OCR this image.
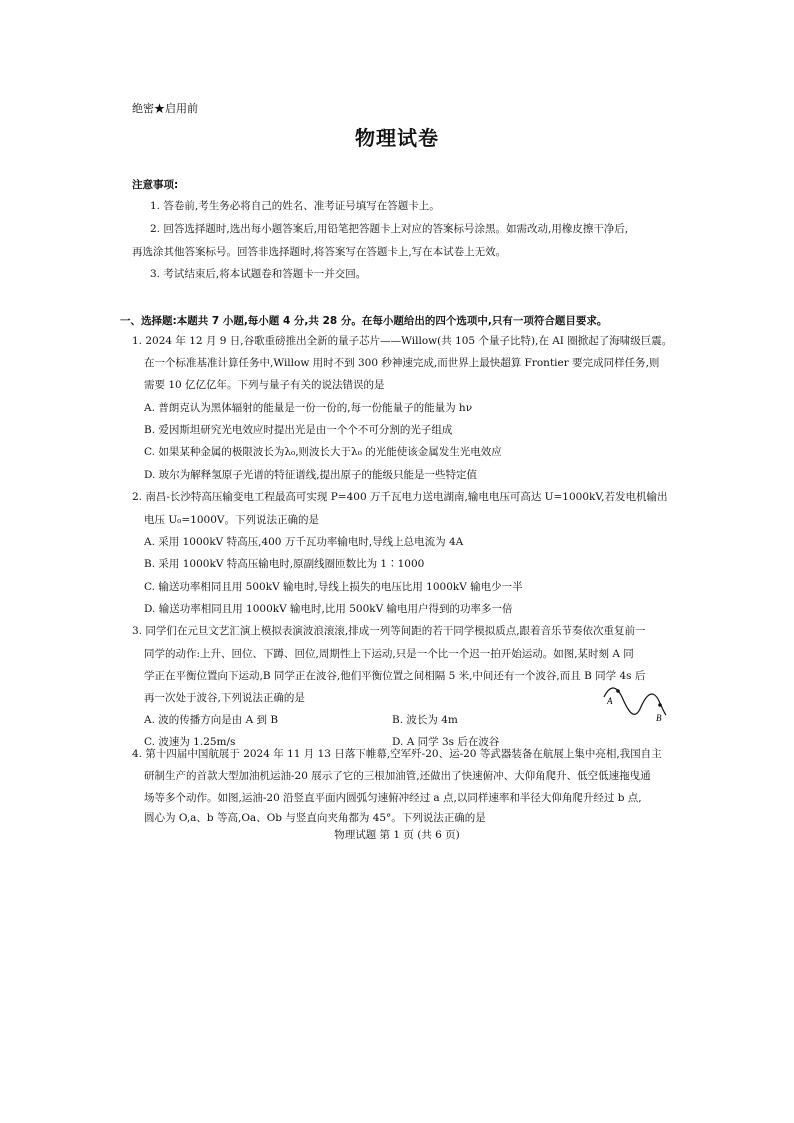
绝密★启用前
物理试卷
注意事项:
1. 答卷前,考生务必将自己的姓名、准考证号填写在答题卡上。
2. 回答选择题时,选出每小题答案后,用铅笔把答题卡上对应的答案标号涂黑。如需改动,用橡皮擦干净后,
再选涂其他答案标号。回答非选择题时,将答案写在答题卡上,写在本试卷上无效。
3. 考试结束后,将本试题卷和答题卡一并交回。
一、选择题:本题共 7 小题,每小题 4 分,共 28 分。在每小题给出的四个选项中,只有一项符合题目要求。
1. 2024 年 12 月 9 日,谷歌重磅推出全新的量子芯片——Willow(共 105 个量子比特),在 AI 圈掀起了海啸级巨震。
在一个标准基准计算任务中,Willow 用时不到 300 秒神速完成,而世界上最快超算 Frontier 要完成同样任务,则
需要 10 亿亿亿年。下列与量子有关的说法错误的是
A. 普朗克认为黑体辐射的能量是一份一份的,每一份能量子的能量为 hν
B. 爱因斯坦研究光电效应时提出光是由一个个不可分割的光子组成
C. 如果某种金属的极限波长为λ₀,则波长大于λ₀ 的光能使该金属发生光电效应
D. 玻尔为解释氢原子光谱的特征谱线,提出原子的能级只能是一些特定值
2. 南昌-长沙特高压输变电工程最高可实现 P=400 万千瓦电力送电湖南,输电电压可高达 U=1000kV,若发电机输出
电压 U₀=1000V。下列说法正确的是
A. 采用 1000kV 特高压,400 万千瓦功率输电时,导线上总电流为 4A
B. 采用 1000kV 特高压输电时,原副线圈匝数比为 1∶1000
C. 输送功率相同且用 500kV 输电时,导线上损失的电压比用 1000kV 输电少一半
D. 输送功率相同且用 1000kV 输电时,比用 500kV 输电用户得到的功率多一倍
3. 同学们在元旦文艺汇演上模拟表演波浪滚滚,排成一列等间距的若干同学模拟质点,跟着音乐节奏依次重复前一
同学的动作:上升、回位、下蹲、回位,周期性上下运动,只是一个比一个迟一拍开始运动。如图,某时刻 A 同
学正在平衡位置向下运动,B 同学正在波谷,他们平衡位置之间相隔 5 米,中间还有一个波谷,而且 B 同学 4s 后
再一次处于波谷,下列说法正确的是
A. 波的传播方向是由 A 到 B	B. 波长为 4m
C. 波速为 1.25m/s	D. A 同学 3s 后在波谷
A
B
4. 第十四届中国航展于 2024 年 11 月 13 日落下帷幕,空军歼-20、运-20 等武器装备在航展上集中亮相,我国自主
研制生产的首款大型加油机运油-20 展示了它的三根加油管,还做出了快速俯冲、大仰角爬升、低空低速拖曳通
场等多个动作。如图,运油-20 沿竖直平面内圆弧匀速俯冲经过 a 点,以同样速率和半径大仰角爬升经过 b 点,
圆心为 O,a、b 等高,Oa、Ob 与竖直向夹角都为 45°。下列说法正确的是
物理试题 第 1 页 (共 6 页)
